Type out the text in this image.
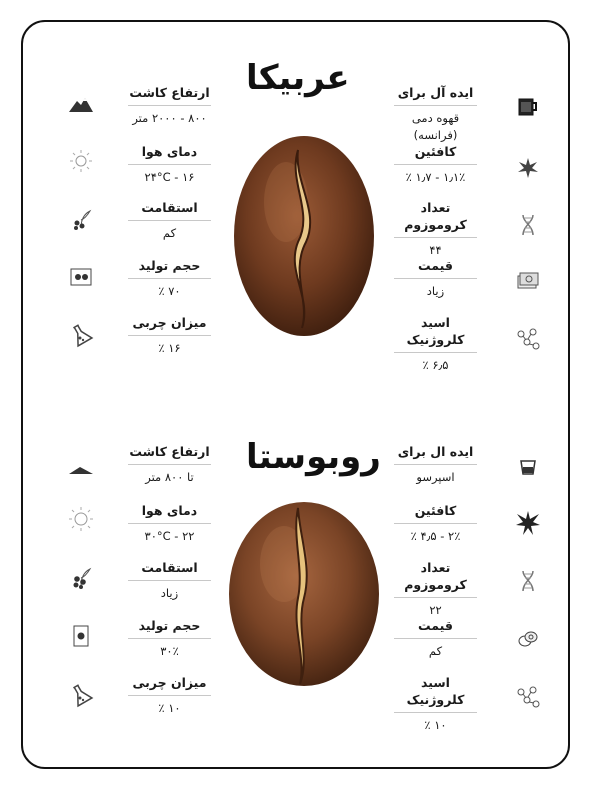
عربیکا	ایده آل برای
قهوه دمی (فرانسه)
کافئین
۱٫۱٪ - ۱٫۷ ٪
تعداد کروموزوم
۴۴
قیمت
زیاد
اسید کلروژنیک
۶٫۵ ٪
ارتفاع کاشت
۸۰۰ - ۲۰۰۰ متر
دمای هوا
۱۶ - ۲۴°C
استقامت
کم
حجم تولید
۷۰ ٪
میزان چربی
۱۶ ٪
روبوستا ایده ال برای
اسپرسو
کافئین
۲٪ - ۴٫۵ ٪
تعداد کروموزوم
۲۲
قیمت
کم
اسید کلروژنیک
۱۰ ٪
ارتفاع کاشت
تا ۸۰۰ متر
دمای هوا
۲۲ - ۳۰°C
استقامت
زیاد
حجم تولید
۳۰٪
میزان چربی
۱۰ ٪
